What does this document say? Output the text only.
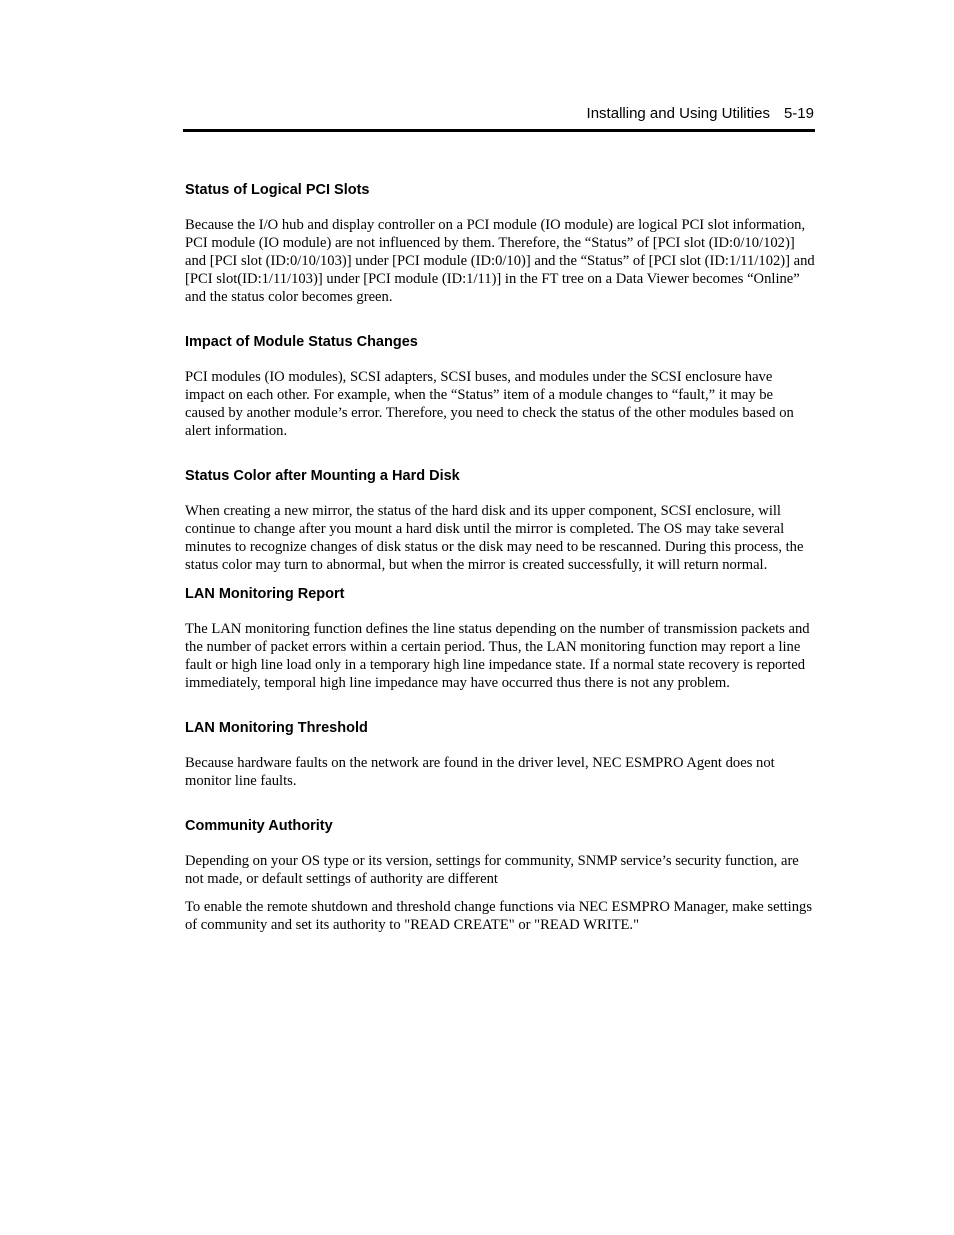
Installing and Using Utilities 5-19
Status of Logical PCI Slots

Because the I/O hub and display controller on a PCI module (IO module) are logical PCI slot information, PCI module (IO module) are not influenced by them. Therefore, the “Status” of [PCI slot (ID:0/10/102)] and [PCI slot (ID:0/10/103)] under [PCI module (ID:0/10)] and the “Status” of [PCI slot (ID:1/11/102)] and [PCI slot(ID:1/11/103)] under [PCI module (ID:1/11)] in the FT tree on a Data Viewer becomes “Online” and the status color becomes green.

Impact of Module Status Changes

PCI modules (IO modules), SCSI adapters, SCSI buses, and modules under the SCSI enclosure have impact on each other. For example, when the “Status” item of a module changes to “fault,” it may be caused by another module’s error. Therefore, you need to check the status of the other modules based on alert information.

Status Color after Mounting a Hard Disk

When creating a new mirror, the status of the hard disk and its upper component, SCSI enclosure, will continue to change after you mount a hard disk until the mirror is completed. The OS may take several minutes to recognize changes of disk status or the disk may need to be rescanned. During this process, the status color may turn to abnormal, but when the mirror is created successfully, it will return normal.

LAN Monitoring Report

The LAN monitoring function defines the line status depending on the number of transmission packets and the number of packet errors within a certain period. Thus, the LAN monitoring function may report a line fault or high line load only in a temporary high line impedance state. If a normal state recovery is reported immediately, temporal high line impedance may have occurred thus there is not any problem.

LAN Monitoring Threshold

Because hardware faults on the network are found in the driver level, NEC ESMPRO Agent does not monitor line faults.

Community Authority

Depending on your OS type or its version, settings for community, SNMP service’s security function, are not made, or default settings of authority are different

To enable the remote shutdown and threshold change functions via NEC ESMPRO Manager, make settings of community and set its authority to "READ CREATE" or "READ WRITE."
